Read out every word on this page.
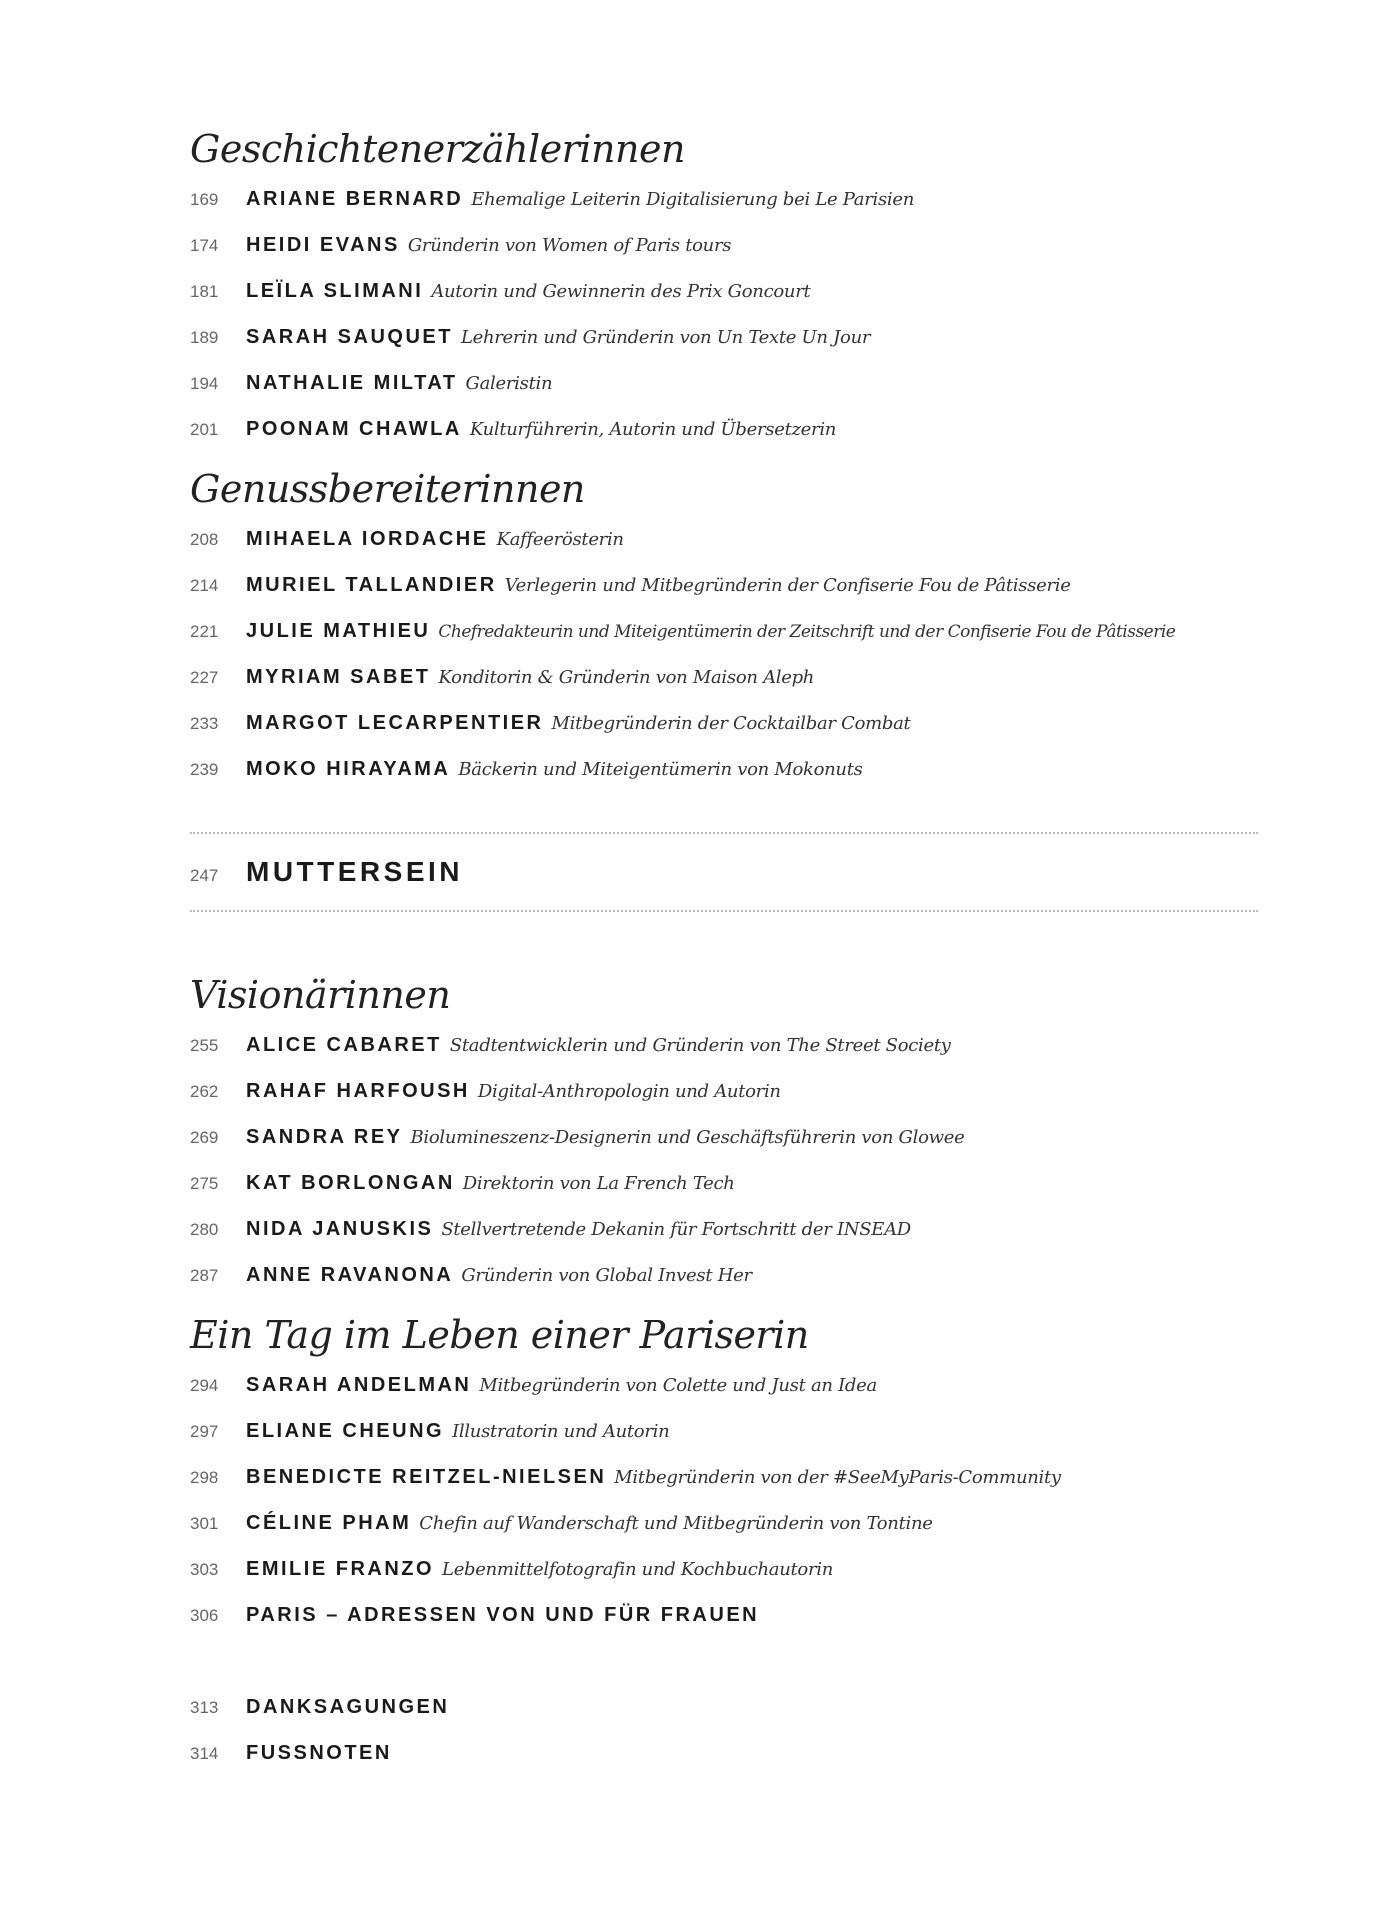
Geschichtenerzählerinnen
169 ARIANE BERNARD Ehemalige Leiterin Digitalisierung bei Le Parisien
174 HEIDI EVANS Gründerin von Women of Paris tours
181 LEÏLA SLIMANI Autorin und Gewinnerin des Prix Goncourt
189 SARAH SAUQUET Lehrerin und Gründerin von Un Texte Un Jour
194 NATHALIE MILTAT Galeristin
201 POONAM CHAWLA Kulturführerin, Autorin und Übersetzerin
Genussbereiterinnen
208 MIHAELA IORDACHE Kaffeerösterin
214 MURIEL TALLANDIER Verlegerin und Mitbegründerin der Confiserie Fou de Pâtisserie
221 JULIE MATHIEU Chefredakteurin und Miteigentümerin der Zeitschrift und der Confiserie Fou de Pâtisserie
227 MYRIAM SABET Konditorin & Gründerin von Maison Aleph
233 MARGOT LECARPENTIER Mitbegründerin der Cocktailbar Combat
239 MOKO HIRAYAMA Bäckerin und Miteigentümerin von Mokonuts
247 MUTTERSEIN
Visionärinnen
255 ALICE CABARET Stadtentwicklerin und Gründerin von The Street Society
262 RAHAF HARFOUSH Digital-Anthropologin und Autorin
269 SANDRA REY Biolumineszenz-Designerin und Geschäftsführerin von Glowee
275 KAT BORLONGAN Direktorin von La French Tech
280 NIDA JANUSKIS Stellvertretende Dekanin für Fortschritt der INSEAD
287 ANNE RAVANONA Gründerin von Global Invest Her
Ein Tag im Leben einer Pariserin
294 SARAH ANDELMAN Mitbegründerin von Colette und Just an Idea
297 ELIANE CHEUNG Illustratorin und Autorin
298 BENEDICTE REITZEL-NIELSEN Mitbegründerin von der #SeeMyParis-Community
301 CÉLINE PHAM Chefin auf Wanderschaft und Mitbegründerin von Tontine
303 EMILIE FRANZO Lebenmittelfotografin und Kochbuchautorin
306 PARIS – ADRESSEN VON UND FÜR FRAUEN
313 DANKSAGUNGEN
314 FUSSNOTEN
